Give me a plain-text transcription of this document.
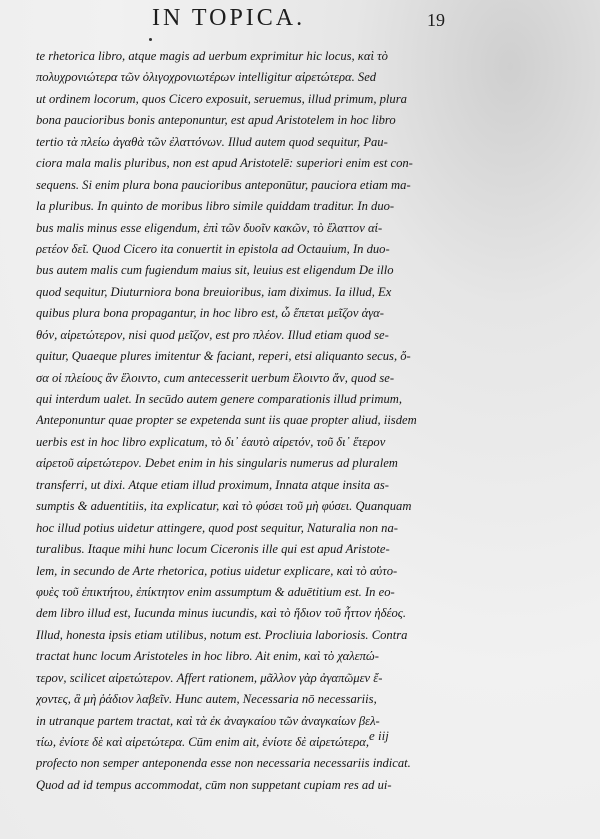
IN TOPICA.	19
te rhetorica libro, atque magis ad uerbum exprimitur hic locus, καὶ τὸ
πολυχρονιώτερα τῶν ὀλιγοχρονιωτέρων intelligitur αἱρετώτερα. Sed
ut ordinem locorum, quos Cicero exposuit, seruemus, illud primum, plura
bona paucioribus bonis anteponuntur, est apud Aristotelem in hoc libro
tertio τὰ πλείω ἀγαθὰ τῶν ἐλαττόνων. Illud autem quod sequitur, Pau-
ciora mala malis pluribus, non est apud Aristotelē: superiori enim est con-
sequens. Si enim plura bona paucioribus anteponūtur, pauciora etiam ma-
la pluribus. In quinto de moribus libro simile quiddam traditur. In duo-
bus malis minus esse eligendum, ἐπὶ τῶν δυοῖν κακῶν, τὸ ἔλαττον αἱ-
ρετέον δεῖ. Quod Cicero ita conuertit in epistola ad Octauium, In duo-
bus autem malis cum fugiendum maius sit, leuius est eligendum De illo
quod sequitur, Diuturniora bona breuioribus, iam diximus. Ia illud, Ex
quibus plura bona propagantur, in hoc libro est, ὧ ἕπεται μεῖζον ἀγα-
θόν, αἱρετώτερον, nisi quod μεῖζον, est pro πλέον. Illud etiam quod se-
quitur, Quaeque plures imitentur & faciant, reperi, etsi aliquanto secus, ὅ-
σα οἱ πλείους ἂν ἕλοιντο, cum antecesserit uerbum ἕλοιντο ἄν, quod se-
qui interdum ualet. In secūdo autem genere comparationis illud primum,
Anteponuntur quae propter se expetenda sunt iis quae propter aliud, iisdem
uerbis est in hoc libro explicatum, τὸ δι᾽ ἑαυτὸ αἱρετόν, τοῦ δι᾽ ἕτερον
αἱρετοῦ αἱρετώτερον. Debet enim in his singularis numerus ad pluralem
transferri, ut dixi. Atque etiam illud proximum, Innata atque insita as-
sumptis & aduentitiis, ita explicatur, καὶ τὸ φύσει τοῦ μὴ φύσει. Quanquam
hoc illud potius uidetur attingere, quod post sequitur, Naturalia non na-
turalibus. Itaque mihi hunc locum Ciceronis ille qui est apud Aristote-
lem, in secundo de Arte rhetorica, potius uidetur explicare, καὶ τὸ αὐτο-
φυὲς τοῦ ἐπικτήτου, ἐπίκτητον enim assumptum & aduētitium est. In eo-
dem libro illud est, Iucunda minus iucundis, καὶ τὸ ἥδιον τοῦ ἧττον ἡδέος.
Illud, honesta ipsis etiam utilibus, notum est. Procliuia laboriosis. Contra
tractat hunc locum Aristoteles in hoc libro. Ait enim, καὶ τὸ χαλεπώ-
τερον, scilicet αἱρετώτερον. Affert rationem, μᾶλλον γὰρ ἀγαπῶμεν ἔ-
χοντες, ἃ μὴ ῥάδιον λαβεῖν. Hunc autem, Necessaria nō necessariis,
in utranque partem tractat, καὶ τὰ ἐκ ἀναγκαίου τῶν ἀναγκαίων βελ-
τίω, ἐνίοτε δὲ καὶ αἱρετώτερα. Cūm enim ait, ἐνίοτε δὲ αἱρετώτερα,
profecto non semper anteponenda esse non necessaria necessariis indicat.
Quod ad id tempus accommodat, cūm non suppetant cupiam res ad ui-
e iij
